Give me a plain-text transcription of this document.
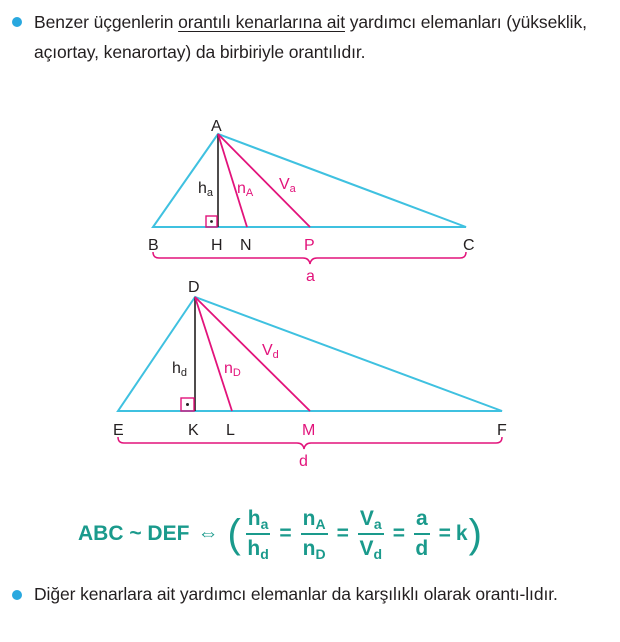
Benzer üçgenlerin orantılı kenarlarına ait yardımcı elemanları (yükseklik, açıortay, kenarortay) da birbiriyle orantılıdır.
A
B	C
H N	P
ha nA Va
a
D
E	F
K L	M
hd nD
Vd
d
ABC ~ DEF ⇔ ( $\frac{h_a}{h_d} = \frac{n_A}{n_D} = \frac{V_a}{V_d} = \frac{a}{d} = k$ )
Diğer kenarlara ait yardımcı elemanlar da karşılıklı olarak orantı-lıdır.
